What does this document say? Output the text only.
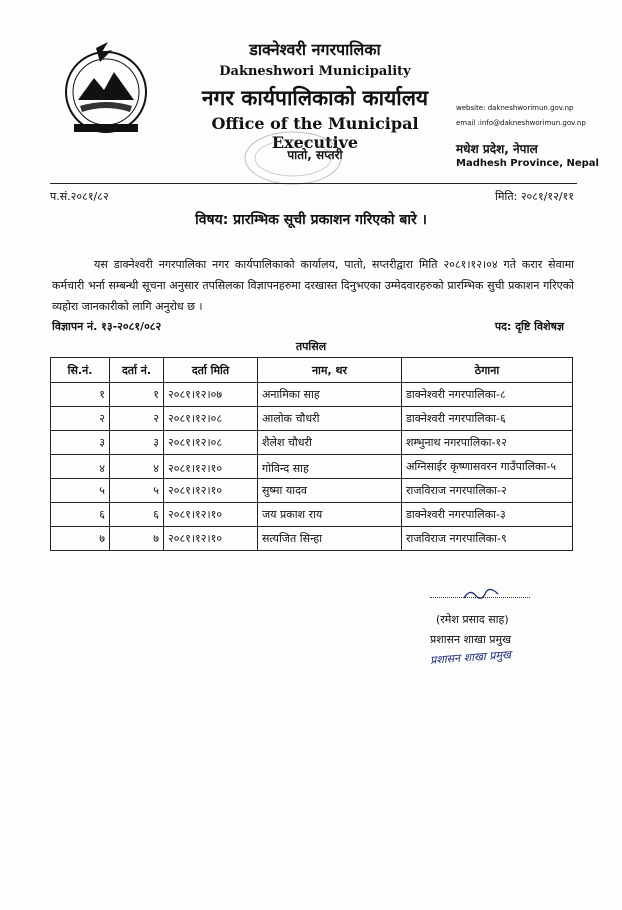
डाक्नेश्वरी नगरपालिका
Dakneshwori Municipality
नगर कार्यपालिकाको कार्यालय
Office of the Municipal Executive
पातो, सप्तरी
website: dakneshworimun.gov.np
email :info@dakneshworimun.gov.np
मधेश प्रदेश, नेपाल
Madhesh Province, Nepal
प.सं.२०८१/८२	मिति: २०८१/१२/११
विषय: प्रारम्भिक सूची प्रकाशन गरिएको बारे ।
यस डाक्नेश्वरी नगरपालिका नगर कार्यपालिकाको कार्यालय, पातो, सप्तरीद्वारा मिति २०८१।१२।०४ गते करार सेवामा कर्मचारी भर्ना सम्बन्धी सूचना अनुसार तपसिलका विज्ञापनहरुमा दरखास्त दिनुभएका उम्मेदवारहरुको प्रारम्भिक सुची प्रकाशन गरिएको व्यहोरा जानकारीको लागि अनुरोध छ ।
विज्ञापन नं. १३-२०८१/०८२	पद: दृष्टि विशेषज्ञ
तपसिल
सि.नं.	दर्ता नं.	दर्ता मिति	नाम, थर	ठेगाना
१	१	२०८१।१२।०७	अनामिका साह	डाक्नेश्वरी नगरपालिका-८
२	२	२०८१।१२।०८	आलोक चौधरी	डाक्नेश्वरी नगरपालिका-६
३	३	२०८१।१२।०८	शैलेश चौधरी	शम्भुनाथ नगरपालिका-१२
४	४	२०८१।१२।१०	गोविन्द साह	अग्निसाईर कृष्णासवरन गाउँपालिका-५
५	५	२०८१।१२।१०	सुष्मा यादव	राजविराज नगरपालिका-२
६	६	२०८१।१२।१०	जय प्रकाश राय	डाक्नेश्वरी नगरपालिका-३
७	७	२०८१।१२।१०	सत्यजित सिन्हा	राजविराज नगरपालिका-९
(रमेश प्रसाद साह)
प्रशासन शाखा प्रमुख
प्रशासन शाखा प्रमुख
